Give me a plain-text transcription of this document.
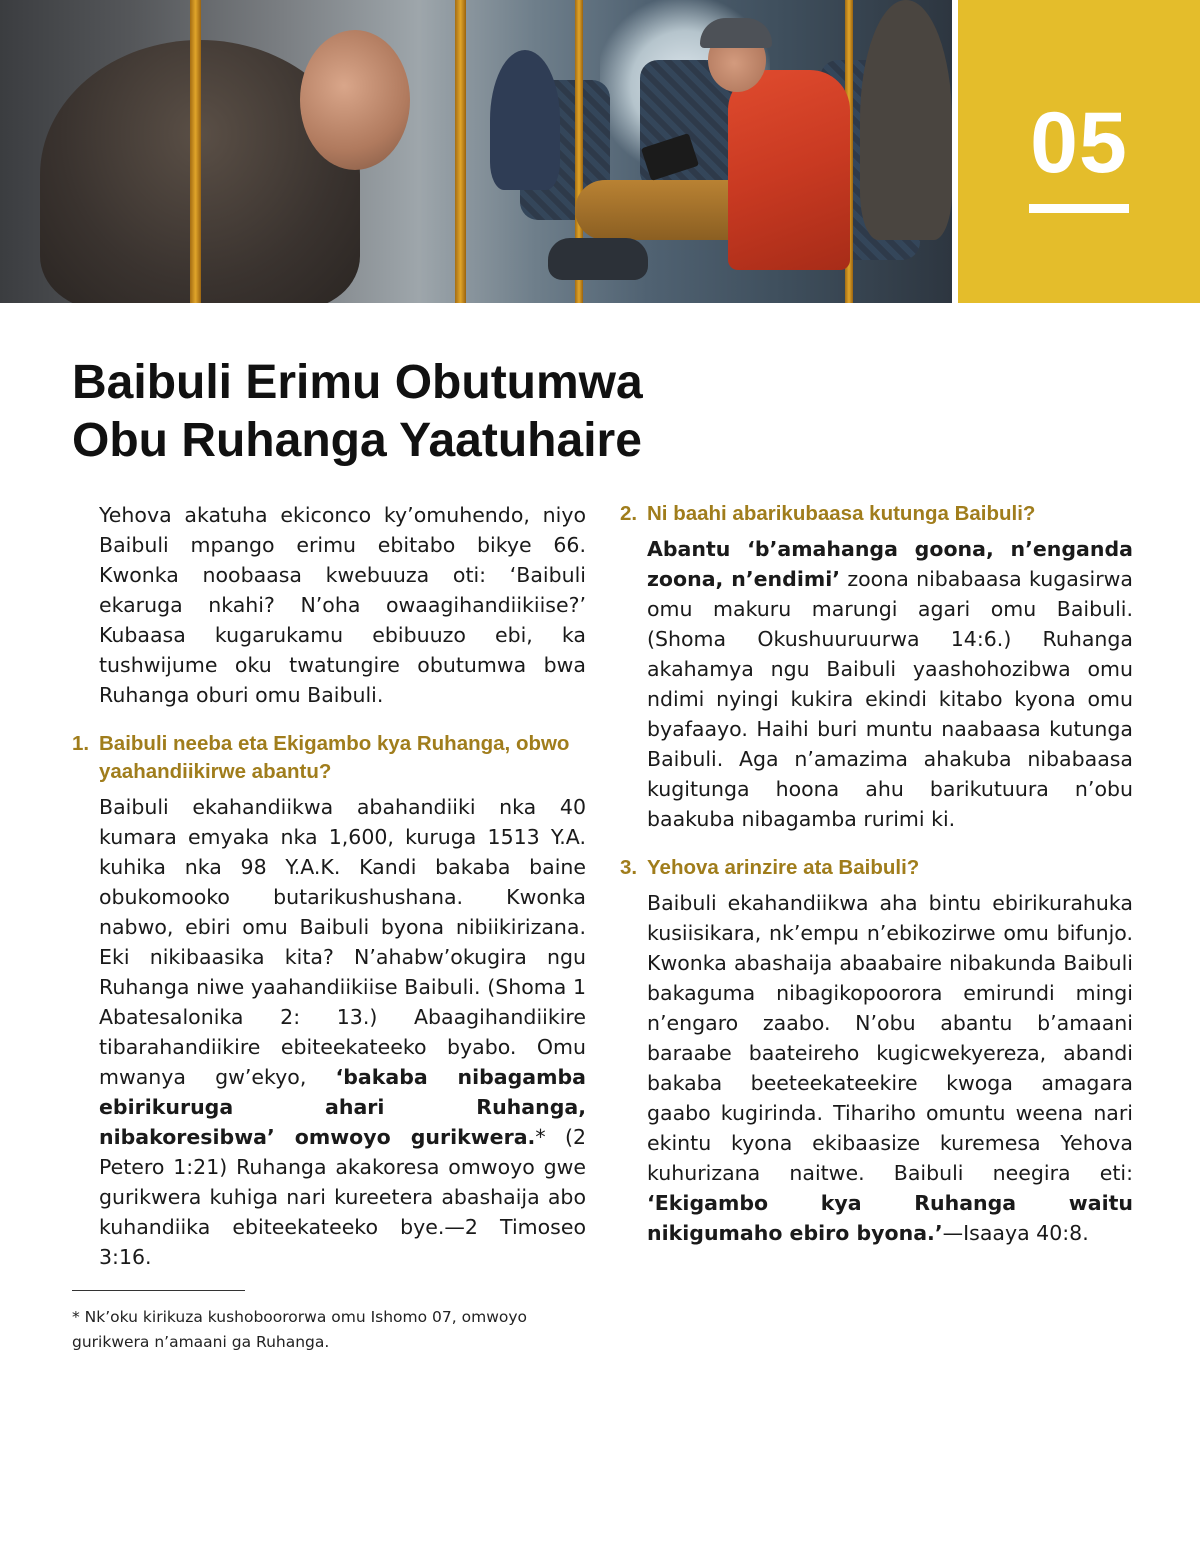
05
Baibuli Erimu Obutumwa
Obu Ruhanga Yaatuhaire

Yehova akatuha ekiconco ky’omuhendo, niyo Baibuli mpango erimu ebitabo bikye 66. Kwonka noobaasa kwebuuza oti: ‘Baibuli ekaruga nkahi? N’oha owaagihandiikiise?’ Kubaasa kugarukamu ebibuuzo ebi, ka tushwijume oku twatungire obutumwa bwa Ruhanga oburi omu Baibuli.

1. Baibuli neeba eta Ekigambo kya Ruhanga, obwo yaahandiikirwe abantu?

Baibuli ekahandiikwa abahandiiki nka 40 kumara emyaka nka 1,600, kuruga 1513 Y.A. kuhika nka 98 Y.A.K. Kandi bakaba baine obukomooko butarikushushana. Kwonka nabwo, ebiri omu Baibuli byona nibiikirizana. Eki nikibaasika kita? N’ahabw’okugira ngu Ruhanga niwe yaahandiikiise Baibuli. (Shoma 1 Abatesalonika 2: 13.) Abaagihandiikire tibarahandiikire ebiteekateeko byabo. Omu mwanya gw’ekyo, ‘bakaba nibagamba ebirikuruga ahari Ruhanga, nibakoresibwa’ omwoyo gurikwera.* (2 Petero 1:21) Ruhanga akakoresa omwoyo gwe gurikwera kuhiga nari kureetera abashaija abo kuhandiika ebiteekateeko bye.—2 Timoseo 3:16.

* Nk’oku kirikuza kushoboororwa omu Ishomo 07, omwoyo gurikwera n’amaani ga Ruhanga.

2. Ni baahi abarikubaasa kutunga Baibuli?

Abantu ‘b’amahanga goona, n’enganda zoona, n’endimi’ zoona nibabaasa kugasirwa omu makuru marungi agari omu Baibuli. (Shoma Okushuuruurwa 14:6.) Ruhanga akahamya ngu Baibuli yaashohozibwa omu ndimi nyingi kukira ekindi kitabo kyona omu byafaayo. Haihi buri muntu naabaasa kutunga Baibuli. Aga n’amazima ahakuba nibabaasa kugitunga hoona ahu barikutuura n’obu baakuba nibagamba rurimi ki.

3. Yehova arinzire ata Baibuli?

Baibuli ekahandiikwa aha bintu ebirikurahuka kusiisikara, nk’empu n’ebikozirwe omu bifunjo. Kwonka abashaija abaabaire nibakunda Baibuli bakaguma nibagikopoorora emirundi mingi n’engaro zaabo. N’obu abantu b’amaani baraabe baateireho kugicwekyereza, abandi bakaba beeteekateekire kwoga amagara gaabo kugirinda. Tihariho omuntu weena nari ekintu kyona ekibaasize kuremesa Yehova kuhurizana naitwe. Baibuli neegira eti: ‘Ekigambo kya Ruhanga waitu nikigumaho ebiro byona.’—Isaaya 40:8.
